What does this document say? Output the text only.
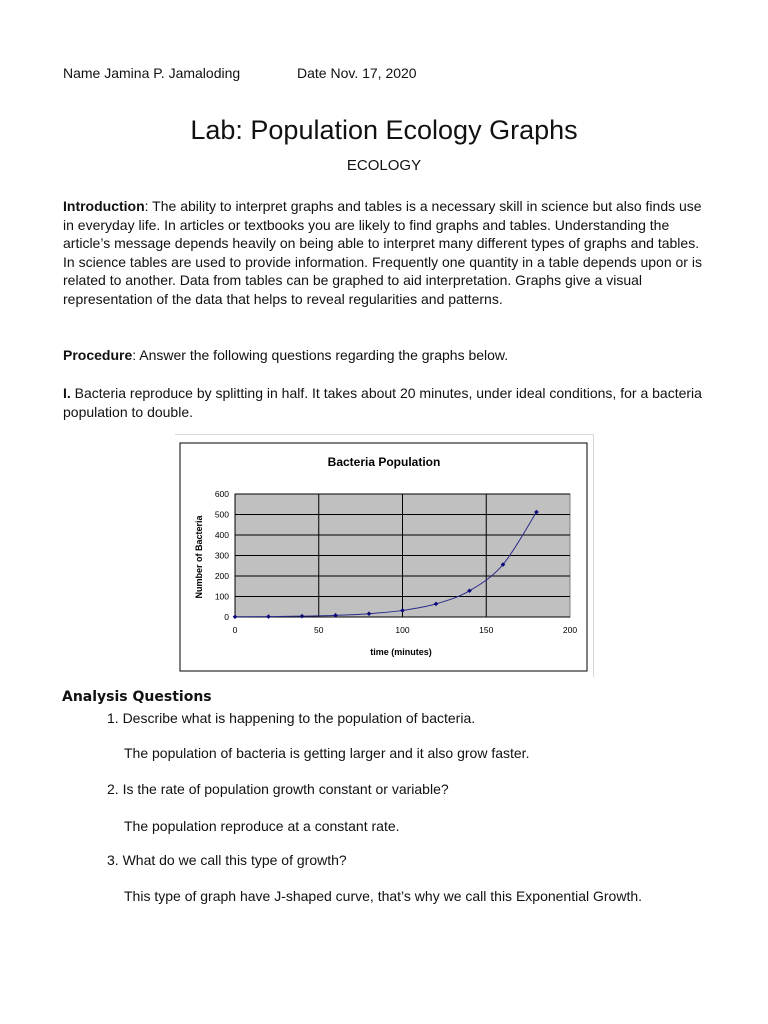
Name Jamina P. Jamaloding	Date Nov. 17, 2020
Lab: Population Ecology Graphs
ECOLOGY
Introduction: The ability to interpret graphs and tables is a necessary skill in science but also finds use in everyday life. In articles or textbooks you are likely to find graphs and tables. Understanding the article’s message depends heavily on being able to interpret many different types of graphs and tables. In science tables are used to provide information. Frequently one quantity in a table depends upon or is related to another. Data from tables can be graphed to aid interpretation. Graphs give a visual representation of the data that helps to reveal regularities and patterns.
Procedure: Answer the following questions regarding the graphs below.
I. Bacteria reproduce by splitting in half. It takes about 20 minutes, under ideal conditions, for a bacteria population to double.
Bacteria Population
time (minutes)
Number of Bacteria
0
100
200
300
400
500
600
0	50	100	150	200
Analysis Questions
1. Describe what is happening to the population of bacteria.
The population of bacteria is getting larger and it also grow faster.
2. Is the rate of population growth constant or variable?
The population reproduce at a constant rate.
3. What do we call this type of growth?
This type of graph have J-shaped curve, that’s why we call this Exponential Growth.
